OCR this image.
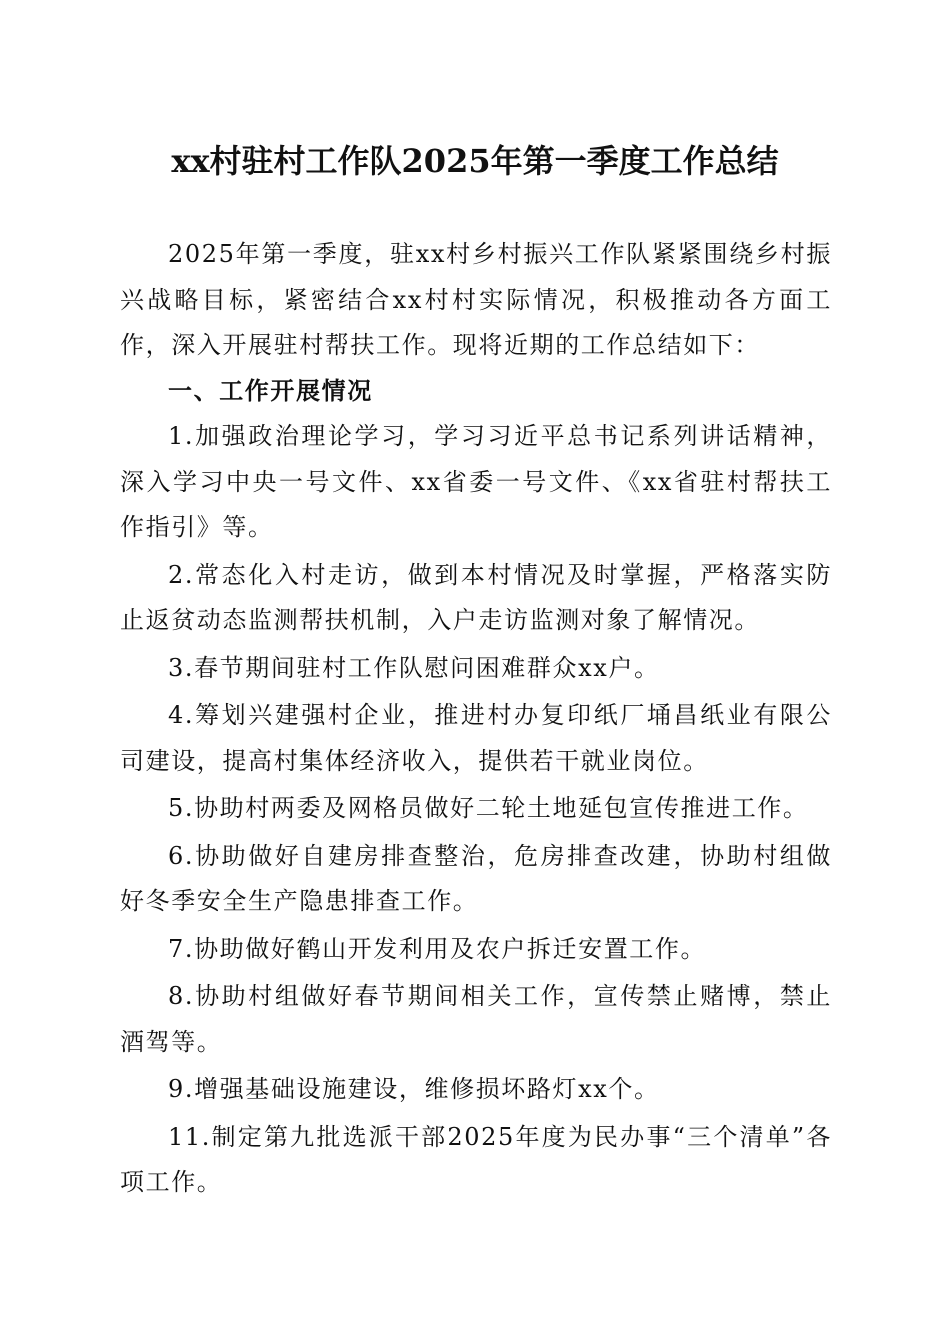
xx村驻村工作队2025年第一季度工作总结

2025年第一季度，驻xx村乡村振兴工作队紧紧围绕乡村振兴战略目标，紧密结合xx村村实际情况，积极推动各方面工作，深入开展驻村帮扶工作。现将近期的工作总结如下：

一、工作开展情况

1.加强政治理论学习，学习习近平总书记系列讲话精神，深入学习中央一号文件、xx省委一号文件、《xx省驻村帮扶工作指引》等。

2.常态化入村走访，做到本村情况及时掌握，严格落实防止返贫动态监测帮扶机制，入户走访监测对象了解情况。

3.春节期间驻村工作队慰问困难群众xx户。

4.筹划兴建强村企业，推进村办复印纸厂埇昌纸业有限公司建设，提高村集体经济收入，提供若干就业岗位。

5.协助村两委及网格员做好二轮土地延包宣传推进工作。

6.协助做好自建房排查整治，危房排查改建，协助村组做好冬季安全生产隐患排查工作。

7.协助做好鹤山开发利用及农户拆迁安置工作。

8.协助村组做好春节期间相关工作，宣传禁止赌博，禁止酒驾等。

9.增强基础设施建设，维修损坏路灯xx个。

11.制定第九批选派干部2025年度为民办事“三个清单”各项工作。
